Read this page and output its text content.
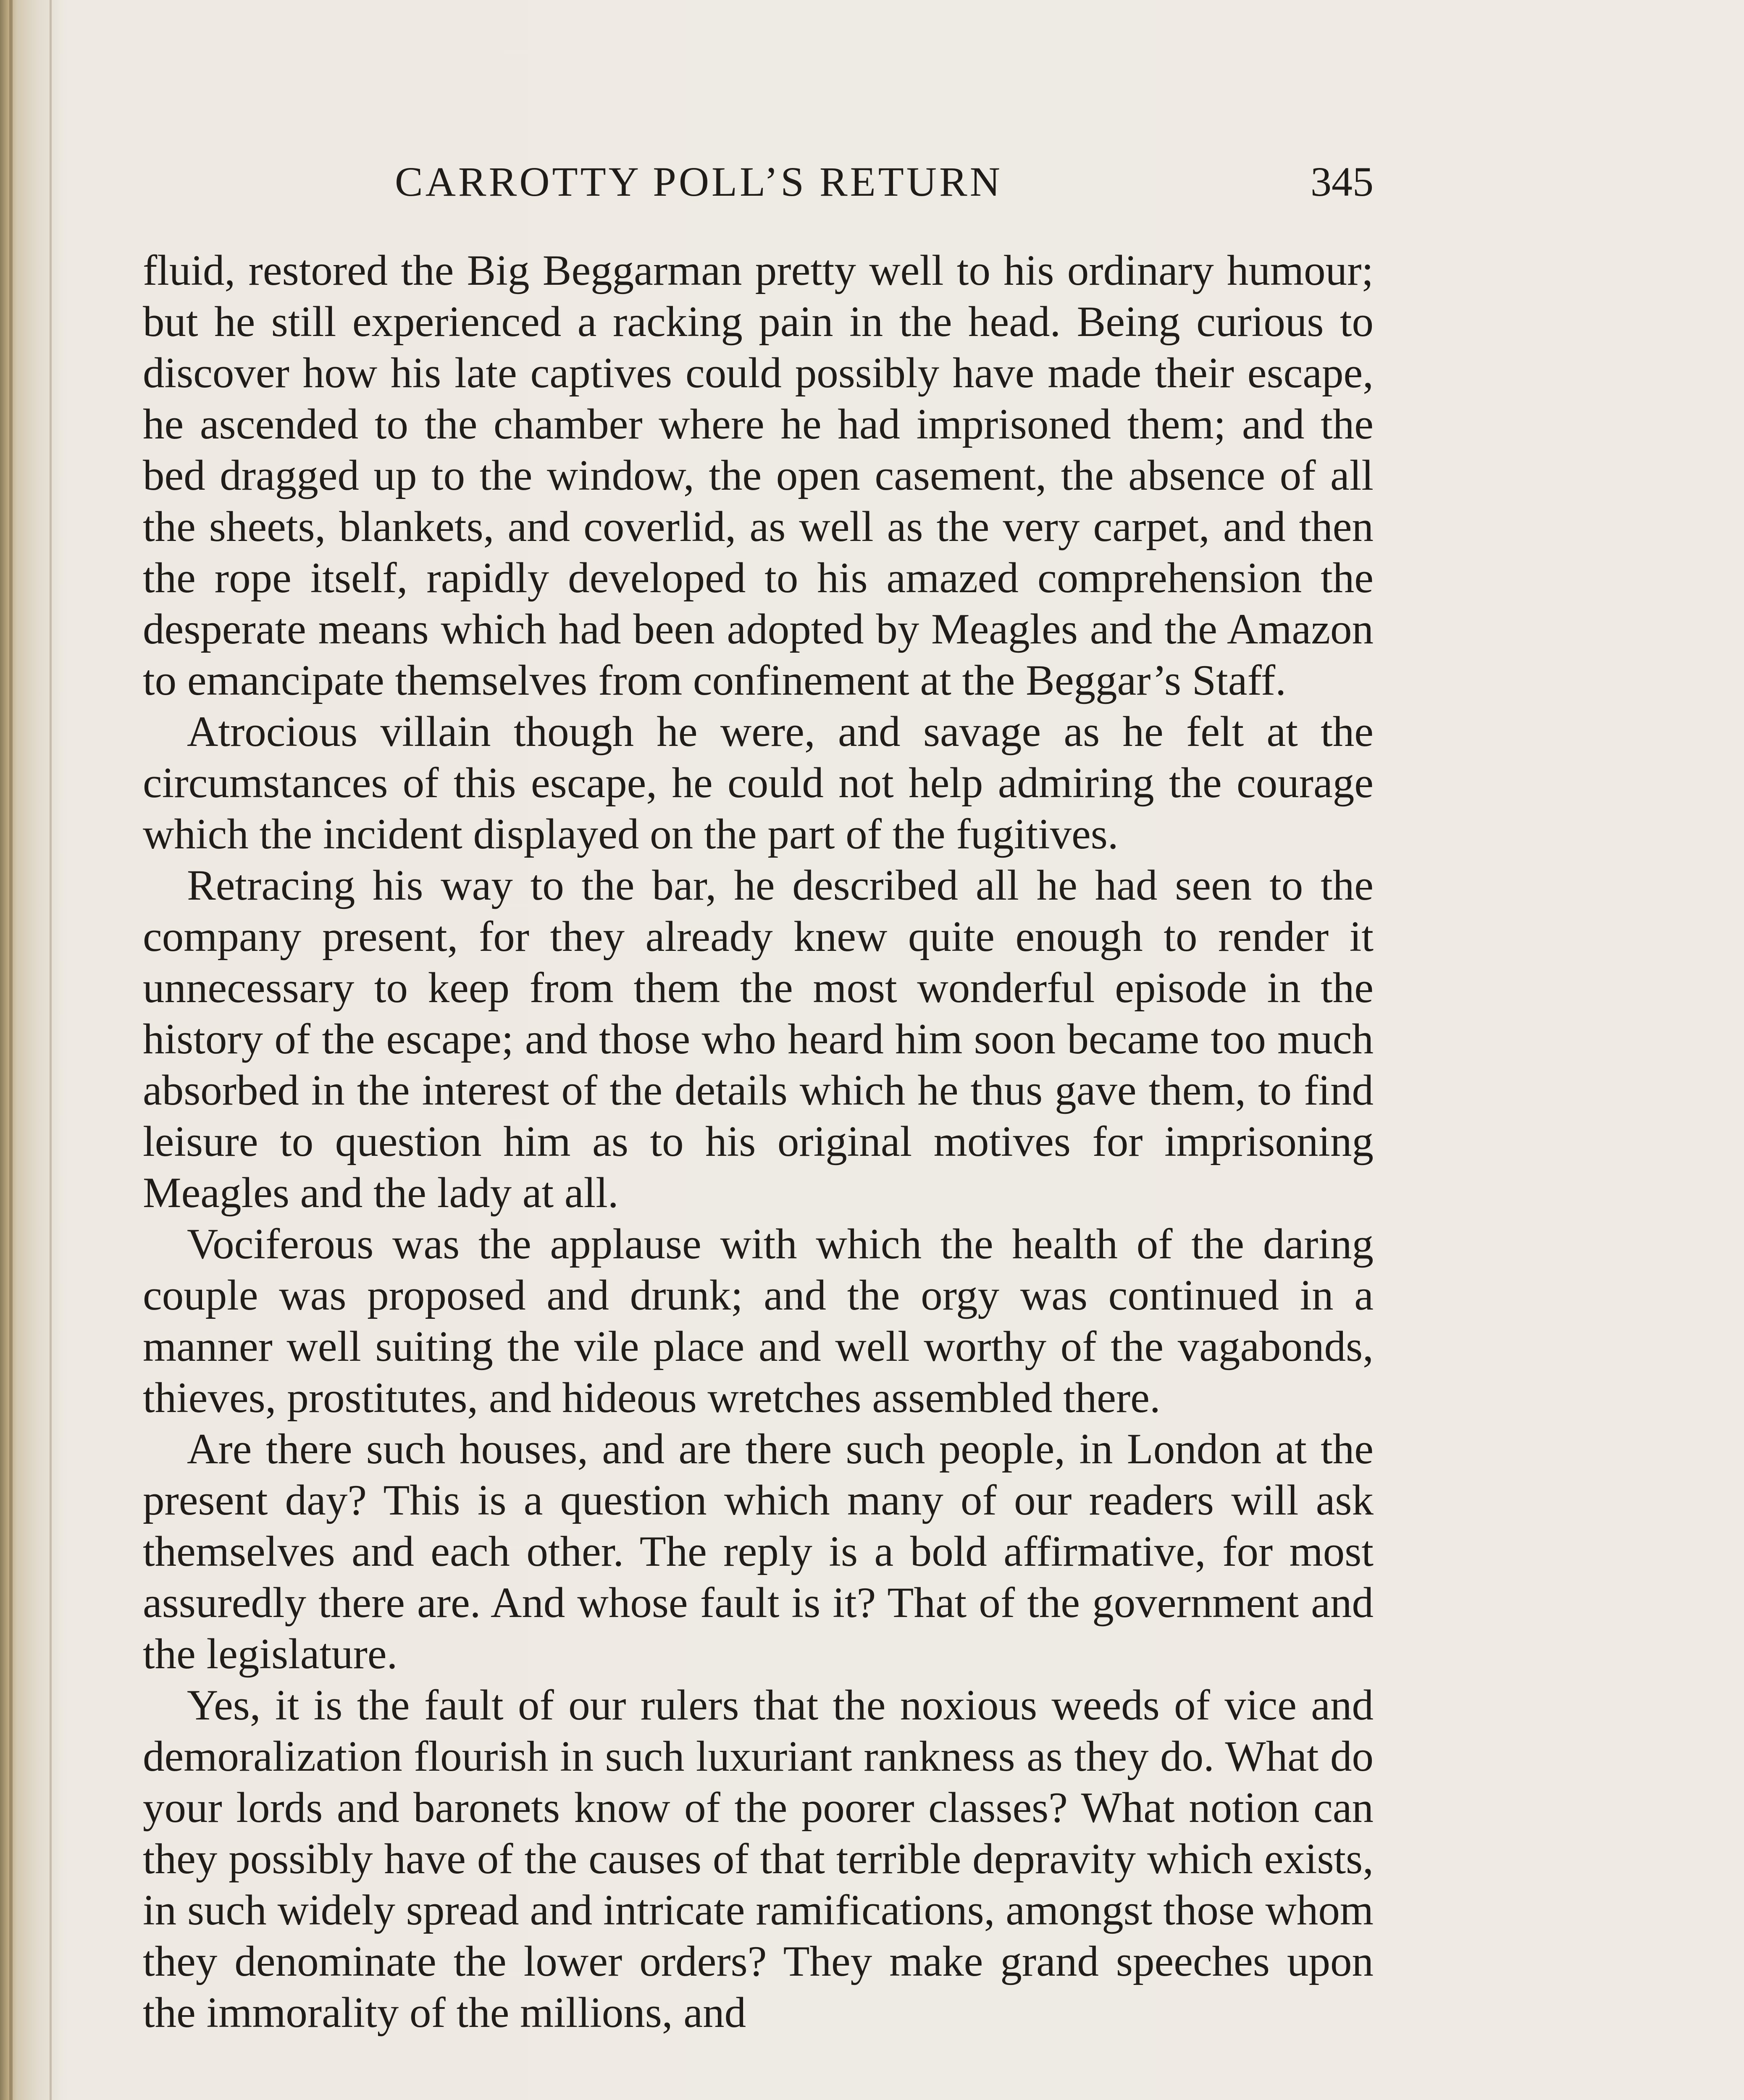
CARROTTY POLL’S RETURN	345

fluid, restored the Big Beggarman pretty well to his ordinary humour; but he still experienced a racking pain in the head. Being curious to discover how his late captives could possibly have made their escape, he ascended to the chamber where he had imprisoned them; and the bed dragged up to the window, the open casement, the absence of all the sheets, blankets, and coverlid, as well as the very carpet, and then the rope itself, rapidly developed to his amazed comprehension the desperate means which had been adopted by Meagles and the Amazon to emancipate themselves from confinement at the Beggar’s Staff.

Atrocious villain though he were, and savage as he felt at the circumstances of this escape, he could not help admiring the courage which the incident displayed on the part of the fugitives.

Retracing his way to the bar, he described all he had seen to the company present, for they already knew quite enough to render it unnecessary to keep from them the most wonderful episode in the history of the escape; and those who heard him soon became too much absorbed in the interest of the details which he thus gave them, to find leisure to question him as to his original motives for imprisoning Meagles and the lady at all.

Vociferous was the applause with which the health of the daring couple was proposed and drunk; and the orgy was continued in a manner well suiting the vile place and well worthy of the vagabonds, thieves, prostitutes, and hideous wretches assembled there.

Are there such houses, and are there such people, in London at the present day? This is a question which many of our readers will ask themselves and each other. The reply is a bold affirmative, for most assuredly there are. And whose fault is it? That of the government and the legislature.

Yes, it is the fault of our rulers that the noxious weeds of vice and demoralization flourish in such luxuriant rankness as they do. What do your lords and baronets know of the poorer classes? What notion can they possibly have of the causes of that terrible depravity which exists, in such widely spread and intricate ramifications, amongst those whom they denominate the lower orders? They make grand speeches upon the immorality of the millions, and
